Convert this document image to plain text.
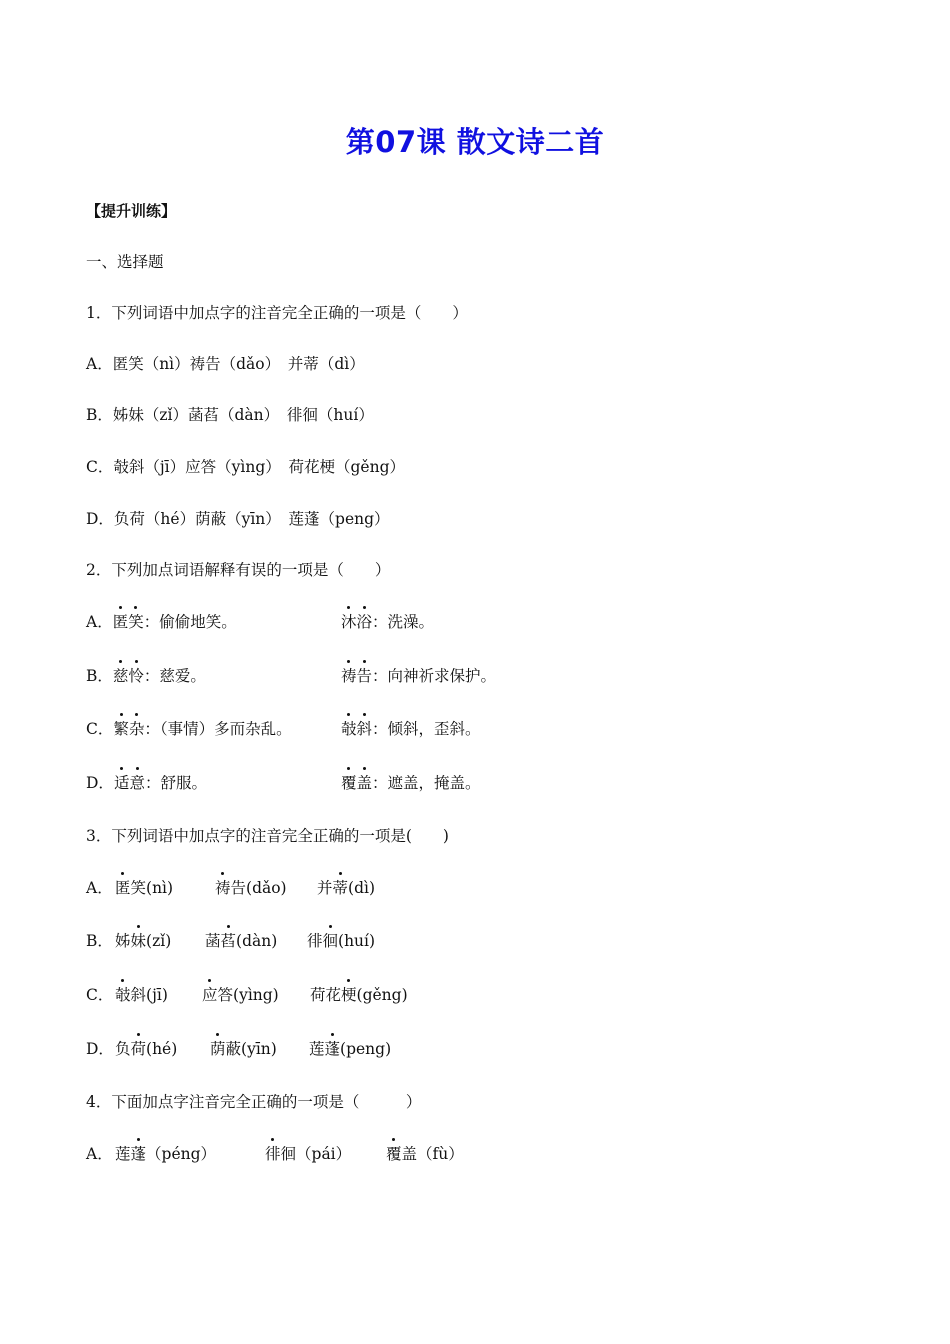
第07课 散文诗二首
【提升训练】
一、选择题
1．下列词语中加点字的注音完全正确的一项是（　　）
A．匿笑（nì）祷告（dǎo）　并蒂（dì）
B．姊妹（zǐ）菡萏（dàn）　徘徊（huí）
C．攲斜（jī）应答（yìng）　荷花梗（gěng）
D．负荷（hé）荫蔽（yīn）　莲蓬（peng）
2．下列加点词语解释有误的一项是（　　）
A．匿笑：偷偷地笑。	沐浴：洗澡。
B．慈怜：慈爱。	祷告：向神祈求保护。
C．繁杂：（事情）多而杂乱。	攲斜：倾斜，歪斜。
D．适意：舒服。	覆盖：遮盖，掩盖。
3．下列词语中加点字的注音完全正确的一项是(　　)
A． 匿笑(nì)	祷告(dǎo) 并蒂(dì)
B． 姊妹(zǐ) 菡萏(dàn) 徘徊(huí)
C． 攲斜(jī) 应答(yìng) 荷花梗(gěng)
D． 负荷(hé) 荫蔽(yīn) 莲蓬(peng)
4．下面加点字注音完全正确的一项是（　　　）
A． 莲蓬（péng）	徘徊（pái） 覆盖（fù）
